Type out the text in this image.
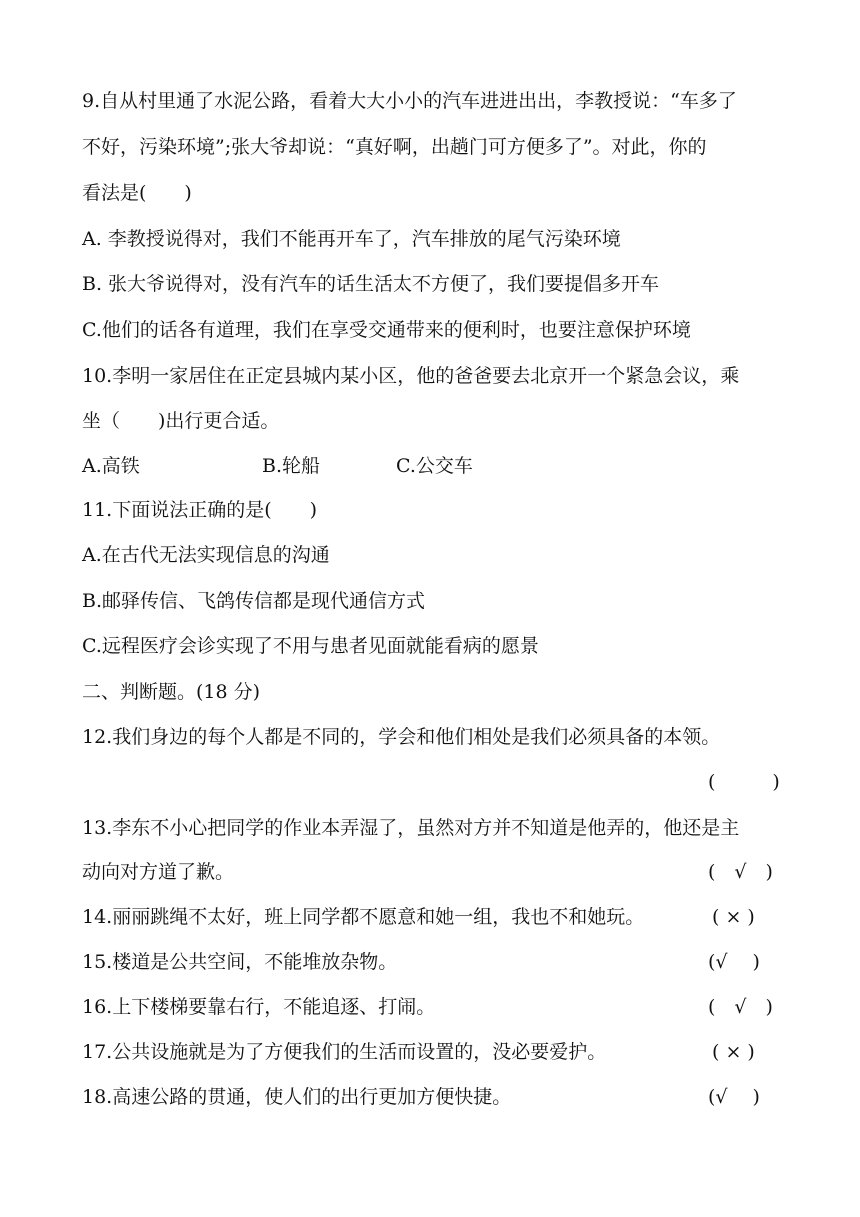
9.自从村里通了水泥公路，看着大大小小的汽车进进出出，李教授说：“车多了
不好，污染环境”;张大爷却说：“真好啊，出趟门可方便多了”。对此，你的
看法是(　　)
A. 李教授说得对，我们不能再开车了，汽车排放的尾气污染环境
B. 张大爷说得对，没有汽车的话生活太不方便了，我们要提倡多开车
C.他们的话各有道理，我们在享受交通带来的便利时，也要注意保护环境
10.李明一家居住在正定县城内某小区，他的爸爸要去北京开一个紧急会议，乘
坐（　　)出行更合适。
A.高铁	B.轮船	C.公交车
11.下面说法正确的是(　　)
A.在古代无法实现信息的沟通
B.邮驿传信、飞鸽传信都是现代通信方式
C.远程医疗会诊实现了不用与患者见面就能看病的愿景
二、判断题。(18 分)
12.我们身边的每个人都是不同的，学会和他们相处是我们必须具备的本领。
(　　　)
13.李东不小心把同学的作业本弄湿了，虽然对方并不知道是他弄的，他还是主
动向对方道了歉。	(　√　)
14.丽丽跳绳不太好，班上同学都不愿意和她一组，我也不和她玩。	( × )
15.楼道是公共空间，不能堆放杂物。	(√　 )
16.上下楼梯要靠右行，不能追逐、打闹。	(　√　)
17.公共设施就是为了方便我们的生活而设置的，没必要爱护。	( × )
18.高速公路的贯通，使人们的出行更加方便快捷。	(√　 )
